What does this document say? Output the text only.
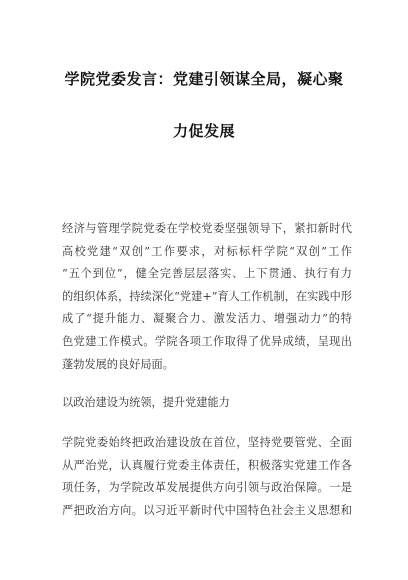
学院党委发言：党建引领谋全局，凝心聚
力促发展

经济与管理学院党委在学校党委坚强领导下，紧扣新时代
高校党建“双创”工作要求，对标标杆学院“双创”工作
“五个到位”，健全完善层层落实、上下贯通、执行有力
的组织体系，持续深化“党建+”育人工作机制，在实践中形
成了“提升能力、凝聚合力、激发活力、增强动力”的特
色党建工作模式。学院各项工作取得了优异成绩，呈现出
蓬勃发展的良好局面。

以政治建设为统领，提升党建能力

学院党委始终把政治建设放在首位，坚持党要管党、全面
从严治党，认真履行党委主体责任，积极落实党建工作各
项任务，为学院改革发展提供方向引领与政治保障。一是
严把政治方向。以习近平新时代中国特色社会主义思想和
